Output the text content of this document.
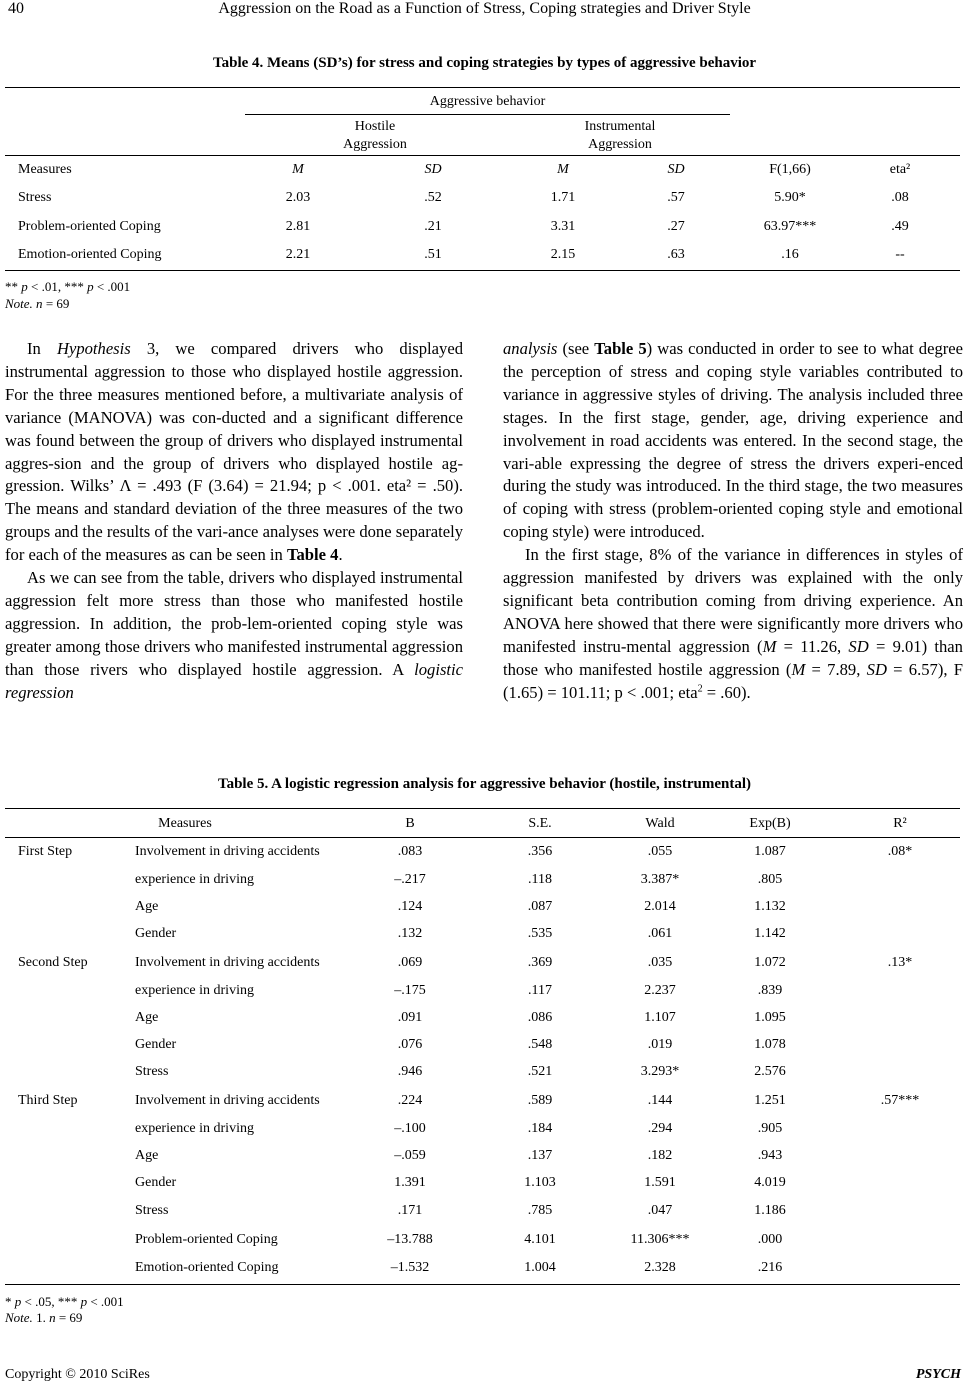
Aggression on the Road as a Function of Stress, Coping strategies and Driver Style
40
Table 4. Means (SD’s) for stress and coping strategies by types of aggressive behavior
Aggressive behavior
Hostile
Aggression
Instrumental
Aggression
Measures	M	SD	M	SD	F(1,66)	eta²
Stress	2.03	.52	1.71	.57	5.90*	.08
Problem-oriented Coping	2.81	.21	3.31	.27	63.97***	.49
Emotion-oriented Coping	2.21	.51	2.15	.63	.16	--
** p < .01, *** p < .001
Note. n = 69

In Hypothesis 3, we compared drivers who displayed instrumental aggression to those who displayed hostile aggression. For the three measures mentioned before, a multivariate analysis of variance (MANOVA) was con-ducted and a significant difference was found between the group of drivers who displayed instrumental aggres-sion and the group of drivers who displayed hostile ag-gression. Wilks’ Λ = .493 (F (3.64) = 21.94; p < .001. eta² = .50). The means and standard deviation of the three measures of the two groups and the results of the vari-ance analyses were done separately for each of the measures as can be seen in Table 4.

As we can see from the table, drivers who displayed instrumental aggression felt more stress than those who manifested hostile aggression. In addition, the prob-lem-oriented coping style was greater among those drivers who manifested instrumental aggression than those rivers who displayed hostile aggression. A logistic regression

analysis (see Table 5) was conducted in order to see to what degree the perception of stress and coping style variables contributed to variance in aggressive styles of driving. The analysis included three stages. In the first stage, gender, age, driving experience and involvement in road accidents was entered. In the second stage, the vari-able expressing the degree of stress the drivers experi-enced during the study was introduced. In the third stage, the two measures of coping with stress (problem-oriented coping style and emotional coping style) were introduced.

In the first stage, 8% of the variance in differences in styles of aggression manifested by drivers was explained with the only significant beta contribution coming from driving experience. An ANOVA here showed that there were significantly more drivers who manifested instru-mental aggression (M = 11.26, SD = 9.01) than those who manifested hostile aggression (M = 7.89, SD = 6.57), F (1.65) = 101.11; p < .001; eta$^2$ = .60).

Table 5. A logistic regression analysis for aggressive behavior (hostile, instrumental)
Measures	B	S.E.	Wald	Exp(B)	R²
First Step	Involvement in driving accidents	.083	.356	.055	1.087	.08*
experience in driving	–.217	.118	3.387*	.805
Age	.124	.087	2.014	1.132
Gender	.132	.535	.061	1.142
Second Step	Involvement in driving accidents	.069	.369	.035	1.072	.13*
experience in driving	–.175	.117	2.237	.839
Age	.091	.086	1.107	1.095
Gender	.076	.548	.019	1.078
Stress	.946	.521	3.293*	2.576
Third Step	Involvement in driving accidents	.224	.589	.144	1.251	.57***
experience in driving	–.100	.184	.294	.905
Age	–.059	.137	.182	.943
Gender	1.391	1.103	1.591	4.019
Stress	.171	.785	.047	1.186
Problem-oriented Coping	–13.788	4.101	11.306***	.000
Emotion-oriented Coping	–1.532	1.004	2.328	.216
* p < .05, *** p < .001
Note. 1. n = 69
Copyright © 2010 SciRes	PSYCH
